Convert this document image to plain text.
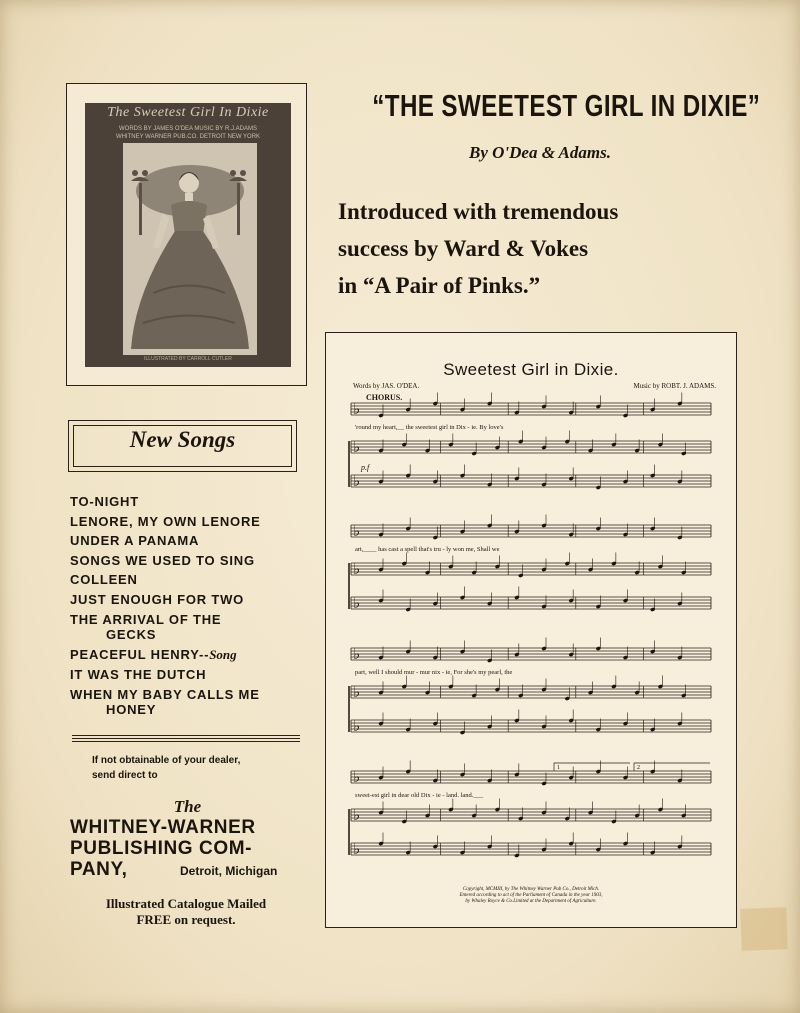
The Sweetest Girl In Dixie
WORDS BY JAMES O'DEA MUSIC BY R.J.ADAMS
WHITNEY WARNER PUB.CO. DETROIT NEW YORK
ILLUSTRATED BY CARROLL CUTLER
“THE SWEETEST GIRL IN DIXIE”
By O'Dea & Adams.
Introduced with tremendous
success by Ward & Vokes
in “A Pair of Pinks.”
New Songs
TO-NIGHT
LENORE, MY OWN LENORE
UNDER A PANAMA
SONGS WE USED TO SING
COLLEEN
JUST ENOUGH FOR TWO
THE ARRIVAL OF THE
GECKS
PEACEFUL HENRY--Song
IT WAS THE DUTCH
WHEN MY BABY CALLS ME
HONEY
If not obtainable of your dealer,
send direct to
The
WHITNEY-WARNER
PUBLISHING COM-
PANY,	Detroit, Michigan
Illustrated Catalogue Mailed
FREE on request.
Sweetest Girl in Dixie.
Words by JAS. O'DEA.	Music by ROBT. J. ADAMS.
CHORUS.
♭
♭
♭
'round my heart,__ the sweetest girl in Dix - ie. By love's
♭
♭
♭
art,____ has cast a spell that's tru - ly won me, Shall we
♭
♭
♭
part, well I should mur - mur nix - ie, For she's my pearl, the
♭
♭
♭
sweet-est girl in dear old Dix - ie - land. land.___
p.f
1	2
Copyright, MCMIII, by The Whitney Warner Pub Co., Detroit Mich.
Entered according to act of the Parliament of Canada in the year 1903,
by Whaley Royce & Co.Limited at the Department of Agriculture.
